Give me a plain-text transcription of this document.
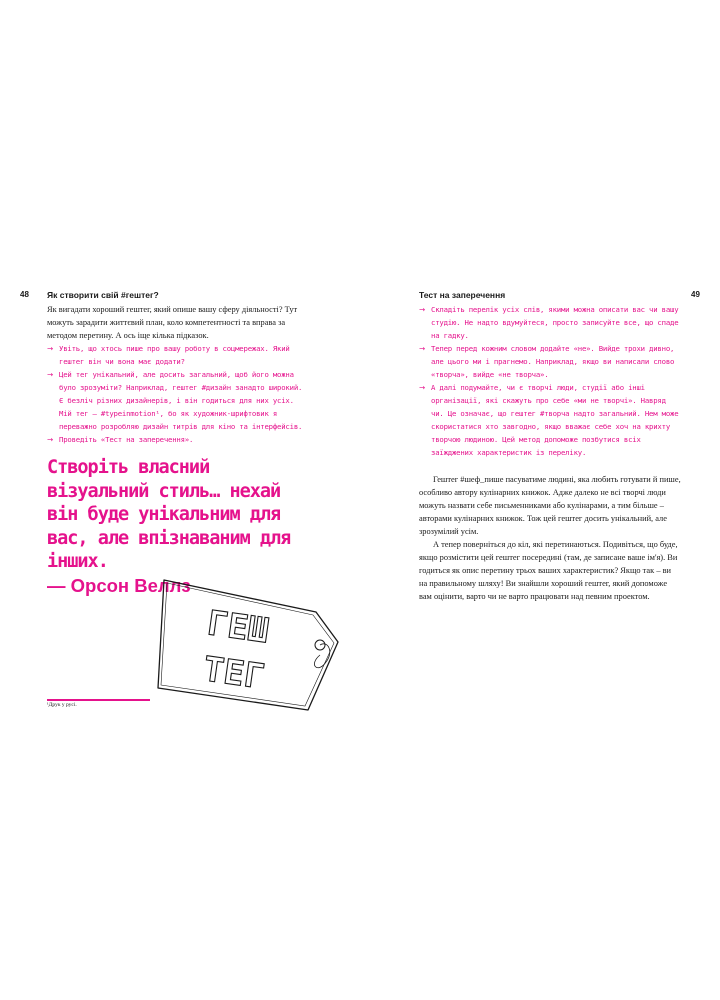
48 Як створити свій #гештег?

Як вигадати хороший гештег, який опише вашу сферу діяльності? Тут можуть зарадити життєвий план, коло компетентності та вправа за методом перетину. А ось іще кілька підказок.

→ Увіть, що хтось пише про вашу роботу в соцмережах. Який гештег він чи вона має додати?
→ Цей тег унікальний, але досить загальний, щоб його можна було зрозуміти? Наприклад, гештег #дизайн занадто широкий. Є безліч різних дизайнерів, і він годиться для них усіх. Мій тег — #typeinmotion¹, бо як художник-шрифтовик я переважно розробляю дизайн титрів для кіно та інтерфейсів.
→ Проведіть «Тест на заперечення».
Створіть власний візуальний стиль… нехай він буде унікальним для вас, але впізнаваним для інших.
— Орсон Веллз
¹Друк у русі.
ГЕШ
ТЕГ
49
Тест на заперечення
→ Складіть перелік усіх слів, якими можна описати вас чи вашу студію. Не надто вдумуйтеся, просто записуйте все, що спаде на гадку.
→ Тепер перед кожним словом додайте «не». Вийде трохи дивно, але цього ми і прагнемо. Наприклад, якщо ви написали слово «творча», вийде «не творча».
→ А далі подумайте, чи є творчі люди, студії або інші організації, які скажуть про себе «ми не творчі». Навряд чи. Це означає, що гештег #творча надто загальний. Нем може скористатися хто завгодно, якщо вважає себе хоч на крихту творчою людиною. Цей метод допоможе позбутися всіх заїжджених характеристик із переліку.

Гештег #шеф_пише пасуватиме людині, яка любить готувати й пише, особливо автору кулінарних книжок. Адже далеко не всі творчі люди можуть назвати себе письменниками або кулінарами, а тим більше – авторами кулінарних книжок. Тож цей гештег досить унікальний, але зрозумілий усім.

А тепер поверніться до кіл, які перетинаються. Подивіться, що буде, якщо розмістити цей гештег посередині (там, де записане ваше ім'я). Ви годиться як опис перетину трьох ваших характеристик? Якщо так – ви на правильному шляху! Ви знайшли хороший гештег, який допоможе вам оцінити, варто чи не варто працювати над певним проектом.
